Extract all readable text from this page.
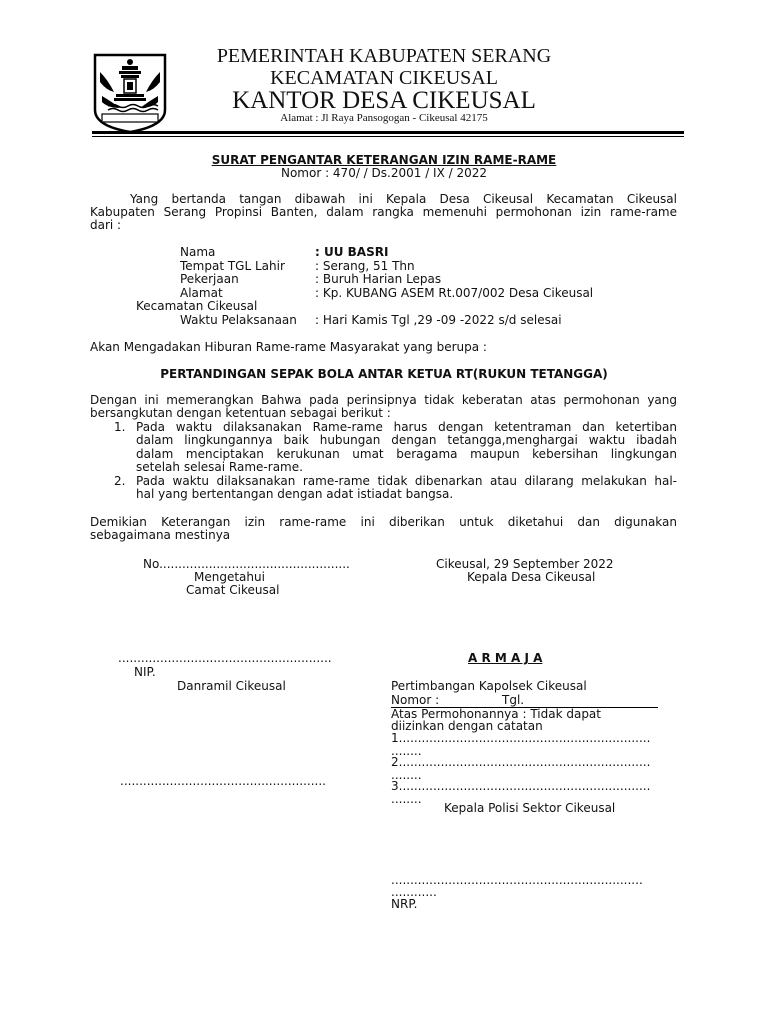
PEMERINTAH KABUPATEN SERANG
KECAMATAN CIKEUSAL
KANTOR DESA CIKEUSAL
Alamat : Jl Raya Pansogogan - Cikeusal 42175
SURAT PENGANTAR KETERANGAN IZIN RAME-RAME
Nomor : 470/ / Ds.2001 / IX / 2022
Yang bertanda tangan dibawah ini Kepala Desa Cikeusal Kecamatan Cikeusal
Kabupaten Serang Propinsi Banten, dalam rangka memenuhi permohonan izin rame-rame
dari :
Nama	: UU BASRI
Tempat TGL Lahir	: Serang, 51 Thn
Pekerjaan	: Buruh Harian Lepas
Alamat	: Kp. KUBANG ASEM Rt.007/002 Desa Cikeusal
Kecamatan Cikeusal
Waktu Pelaksanaan : Hari Kamis Tgl ,29 -09 -2022 s/d selesai
Akan Mengadakan Hiburan Rame-rame Masyarakat yang berupa :
PERTANDINGAN SEPAK BOLA ANTAR KETUA RT(RUKUN TETANGGA)
Dengan ini memerangkan Bahwa pada perinsipnya tidak keberatan atas permohonan yang
bersangkutan dengan ketentuan sebagai berikut :
1. Pada waktu dilaksanakan Rame-rame harus dengan ketentraman dan ketertiban
dalam lingkungannya baik hubungan dengan tetangga,menghargai waktu ibadah
dalam menciptakan kerukunan umat beragama maupun kebersihan lingkungan
setelah selesai Rame-rame.
2. Pada waktu dilaksanakan rame-rame tidak dibenarkan atau dilarang melakukan hal-
hal yang bertentangan dengan adat istiadat bangsa.
Demikian Keterangan izin rame-rame ini diberikan untuk diketahui dan digunakan
sebagaimana mestinya
No..................................................
Mengetahui
Camat Cikeusal
Cikeusal, 29 September 2022
Kepala Desa Cikeusal
........................................................
NIP.
A R M A J A
Danramil Cikeusal
......................................................
Pertimbangan Kapolsek Cikeusal
Nomor :	Tgl.
Atas Permohonannya : Tidak dapat
diizinkan dengan catatan
1..................................................................
........
2..................................................................
........
3..................................................................
........
Kepala Polisi Sektor Cikeusal
..................................................................
............
NRP.
